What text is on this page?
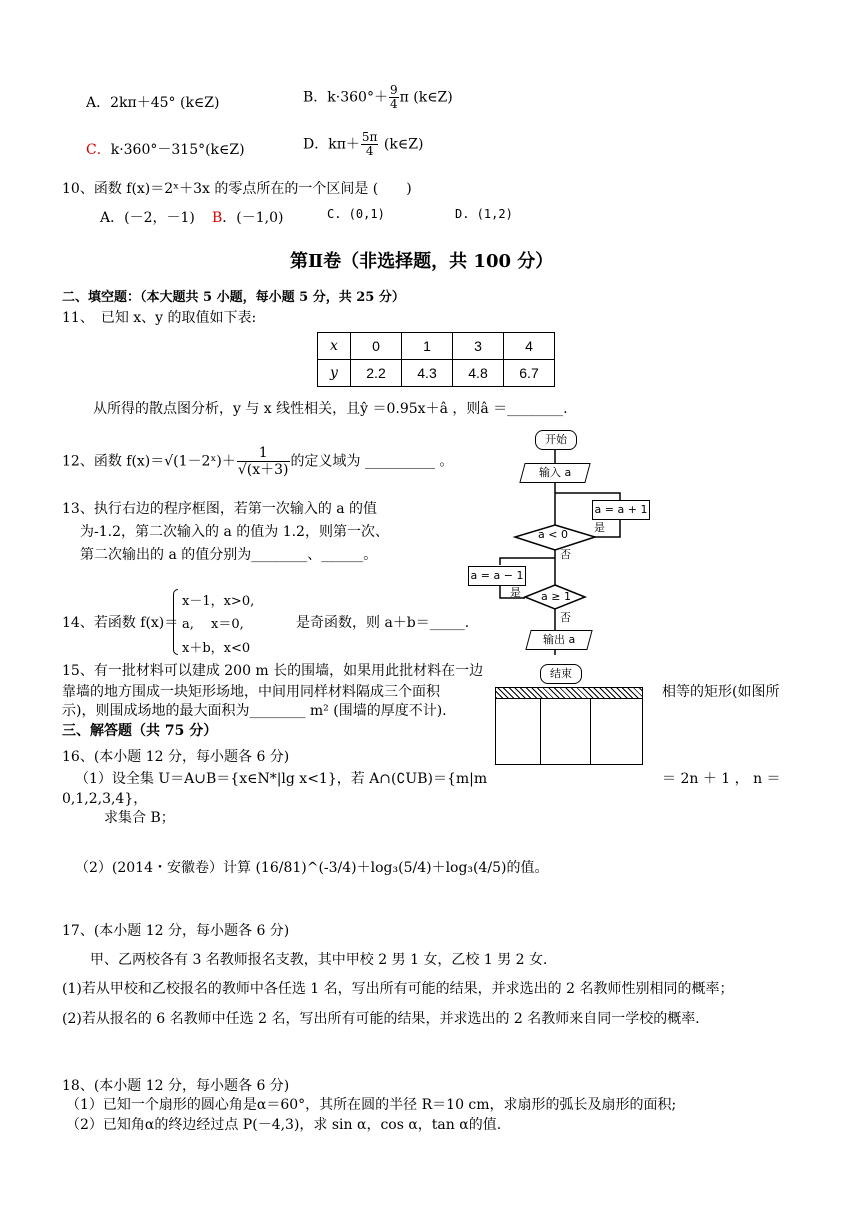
A．2kπ＋45° (k∈Z)	B．$k\cdot 360^\circ+ \frac{9}{4}$ π (k∈Z)
C．k·360°－315°(k∈Z)	D．$k\pi+ \frac{5\pi}{4}$ (k∈Z)
10、函数 f(x)＝2ˣ＋3x 的零点所在的一个区间是 (　　)
A．(－2，－1) B．(－1,0)	C. (0,1)	D. (1,2)
第Ⅱ卷（非选择题，共 100 分）
二、填空题：（本大题共 5 小题，每小题 5 分，共 25 分）
11、　已知 x、y 的取值如下表:
x	0	1	3	4
y	2.2	4.3	4.8	6.7
从所得的散点图分析，y 与 x 线性相关，且ŷ ＝0.95x＋â ，则â ＝________.
12、函数 f(x)＝√(1－2ˣ)＋ $\frac{1}{√(x+3)}$ 的定义域为 __________ 。
13、执行右边的程序框图，若第一次输入的 a 的值
为-1.2，第二次输入的 a 的值为 1.2，则第一次、
第二次输出的 a 的值分别为________、______。
14、若函数 f(x)＝
x－1，x>0,
a,　 x＝0,
x＋b，x<0
是奇函数，则 a＋b＝_____.
15、有一批材料可以建成 200 m 长的围墙，如果用此批材料在一边
靠墙的地方围成一块矩形场地，中间用同样材料隔成三个面积	相等的矩形(如图所
示)，则围成场地的最大面积为________ m² (围墙的厚度不计).
三、解答题（共 75 分）
16、(本小题 12 分，每小题各 6 分)
（1）设全集 U＝A∪B＝{x∈N*|lg x<1}，若 A∩(∁UB)＝{m|m	＝ 2n ＋ 1 ， n ＝
0,1,2,3,4}，
求集合 B；
（2）(2014・安徽卷）计算 (16/81)^(-3/4)＋log₃(5/4)＋log₃(4/5)的值。
17、(本小题 12 分，每小题各 6 分)
甲、乙两校各有 3 名教师报名支教，其中甲校 2 男 1 女，乙校 1 男 2 女．
(1)若从甲校和乙校报名的教师中各任选 1 名，写出所有可能的结果，并求选出的 2 名教师性别相同的概率；
(2)若从报名的 6 名教师中任选 2 名，写出所有可能的结果，并求选出的 2 名教师来自同一学校的概率．
18、(本小题 12 分，每小题各 6 分)
（1）已知一个扇形的圆心角是α＝60°，其所在圆的半径 R＝10 cm，求扇形的弧长及扇形的面积;
（2）已知角α的终边经过点 P(－4,3)，求 sin α，cos α，tan α的值.
开始
输入 a
a < 0
a = a + 1
是
否
a = a − 1
是 a ≥ 1
否
输出 a
结束
